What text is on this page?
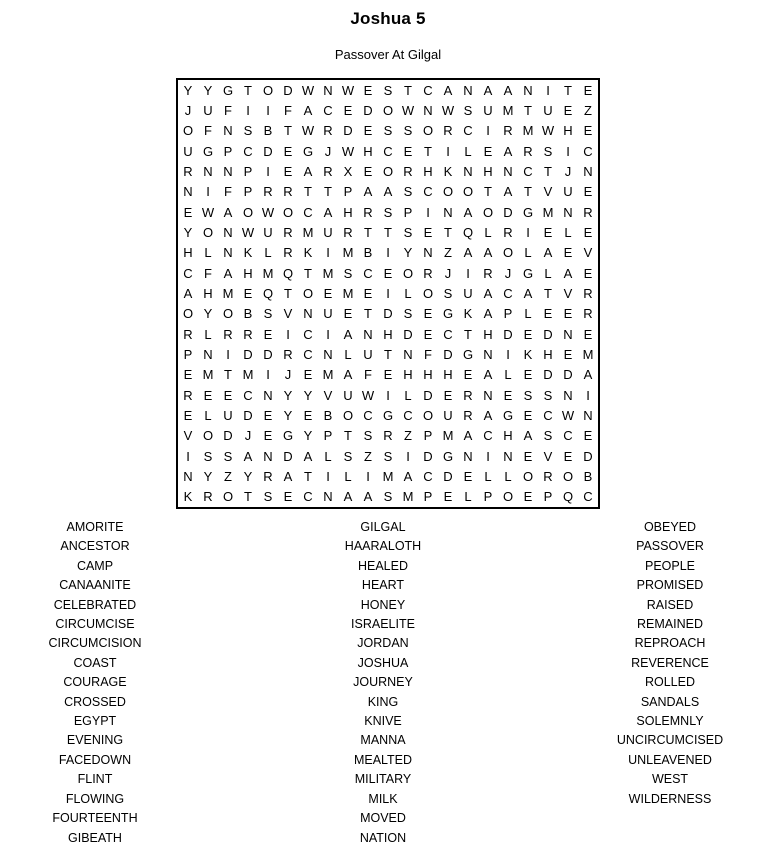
Joshua 5
Passover At Gilgal
Y Y G T O D W N W E S T C A N A A N	I	T E
J U F	I	I	F A C E D O W N W S U M T U E Z
O F N S B T W R D E S S O R C	I	R M W H E
U G P C D E G J W H C E T	I	L E A R S	I	C
R N N P	I	E A R X E O R H K N H N C T J N
N	I	F P R R T T P A A S C O O T A T V U E
E W A O W O C A H R S P	I	N A O D G M N R
Y O N W U R M U R T T S E T Q L R	I	E L E
H L N K L R K	I M B	I	Y N Z A A O L A E V
C F A H M Q T M S C E O R J	I	R J G L A E
A H M E Q T O E M E	I	L O S U A C A T V R
O Y O B S V N U E T D S E G K A P L E E R
R L R R E	I	C	I	A N H D E C T H D E D N E
P N	I	D D R C N L U T N F D G N	I	K H E M
E M T M I	J E M A F E H H H E A L E D D A
R E E C N Y Y V U W I	L D E R N E S S N	I
E L U D E Y E B O C G C O U R A G E C W N
V O D J E G Y P T S R Z P M A C H A S C E
I	S S A N D A L S Z S	I	D G N	I	N E V E D
N Y Z Y R A T	I	L	I M A C D E L L O R O B
K R O T S E C N A A S M P E L P O E P Q C
AMORITE
ANCESTOR
CAMP
CANAANITE
CELEBRATED
CIRCUMCISE
CIRCUMCISION
COAST
COURAGE
CROSSED
EGYPT
EVENING
FACEDOWN
FLINT
FLOWING
FOURTEENTH
GIBEATH
GILGAL
HAARALOTH
HEALED
HEART
HONEY
ISRAELITE
JORDAN
JOSHUA
JOURNEY
KING
KNIVE
MANNA
MEALTED
MILITARY
MILK
MOVED
NATION
OBEYED
PASSOVER
PEOPLE
PROMISED
RAISED
REMAINED
REPROACH
REVERENCE
ROLLED
SANDALS
SOLEMNLY
UNCIRCUMCISED
UNLEAVENED
WEST
WILDERNESS
